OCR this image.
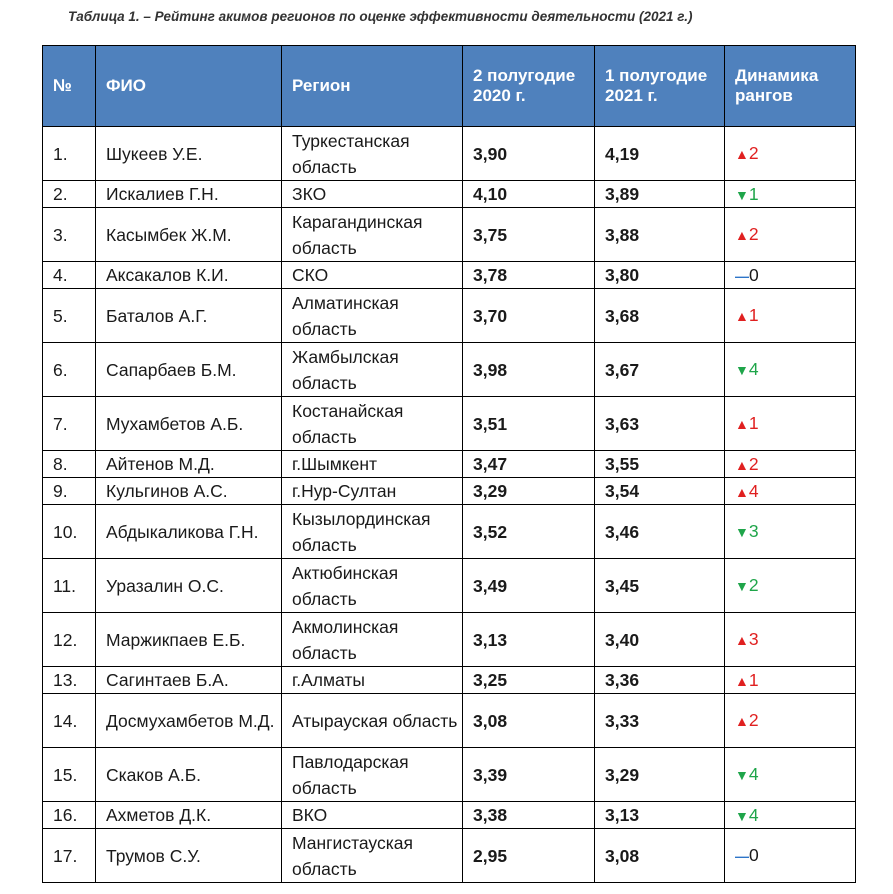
Таблица 1. – Рейтинг акимов регионов по оценке эффективности деятельности (2021 г.)
№	ФИО	Регион	2 полугодие 2020 г.	1 полугодие 2021 г.	Динамика рангов
1.	Шукеев У.Е.	Туркестанская область	3,90	4,19	▲2
2.	Искалиев Г.Н.	ЗКО	4,10	3,89	▼1
3.	Касымбек Ж.М.	Карагандинская область	3,75	3,88	▲2
4.	Аксакалов К.И.	СКО	3,78	3,80	—0
5.	Баталов А.Г.	Алматинская область	3,70	3,68	▲1
6.	Сапарбаев Б.М.	Жамбылская область	3,98	3,67	▼4
7.	Мухамбетов А.Б.	Костанайская область	3,51	3,63	▲1
8.	Айтенов М.Д.	г.Шымкент	3,47	3,55	▲2
9.	Кульгинов А.С.	г.Нур-Султан	3,29	3,54	▲4
10.	Абдыкаликова Г.Н.	Кызылординская область	3,52	3,46	▼3
11.	Уразалин О.С.	Актюбинская область	3,49	3,45	▼2
12.	Маржикпаев Е.Б.	Акмолинская область	3,13	3,40	▲3
13.	Сагинтаев Б.А.	г.Алматы	3,25	3,36	▲1
14.	Досмухамбетов М.Д.	Атырауская область	3,08	3,33	▲2
15.	Скаков А.Б.	Павлодарская область	3,39	3,29	▼4
16.	Ахметов Д.К.	ВКО	3,38	3,13	▼4
17.	Трумов С.У.	Мангистауская область	2,95	3,08	—0
